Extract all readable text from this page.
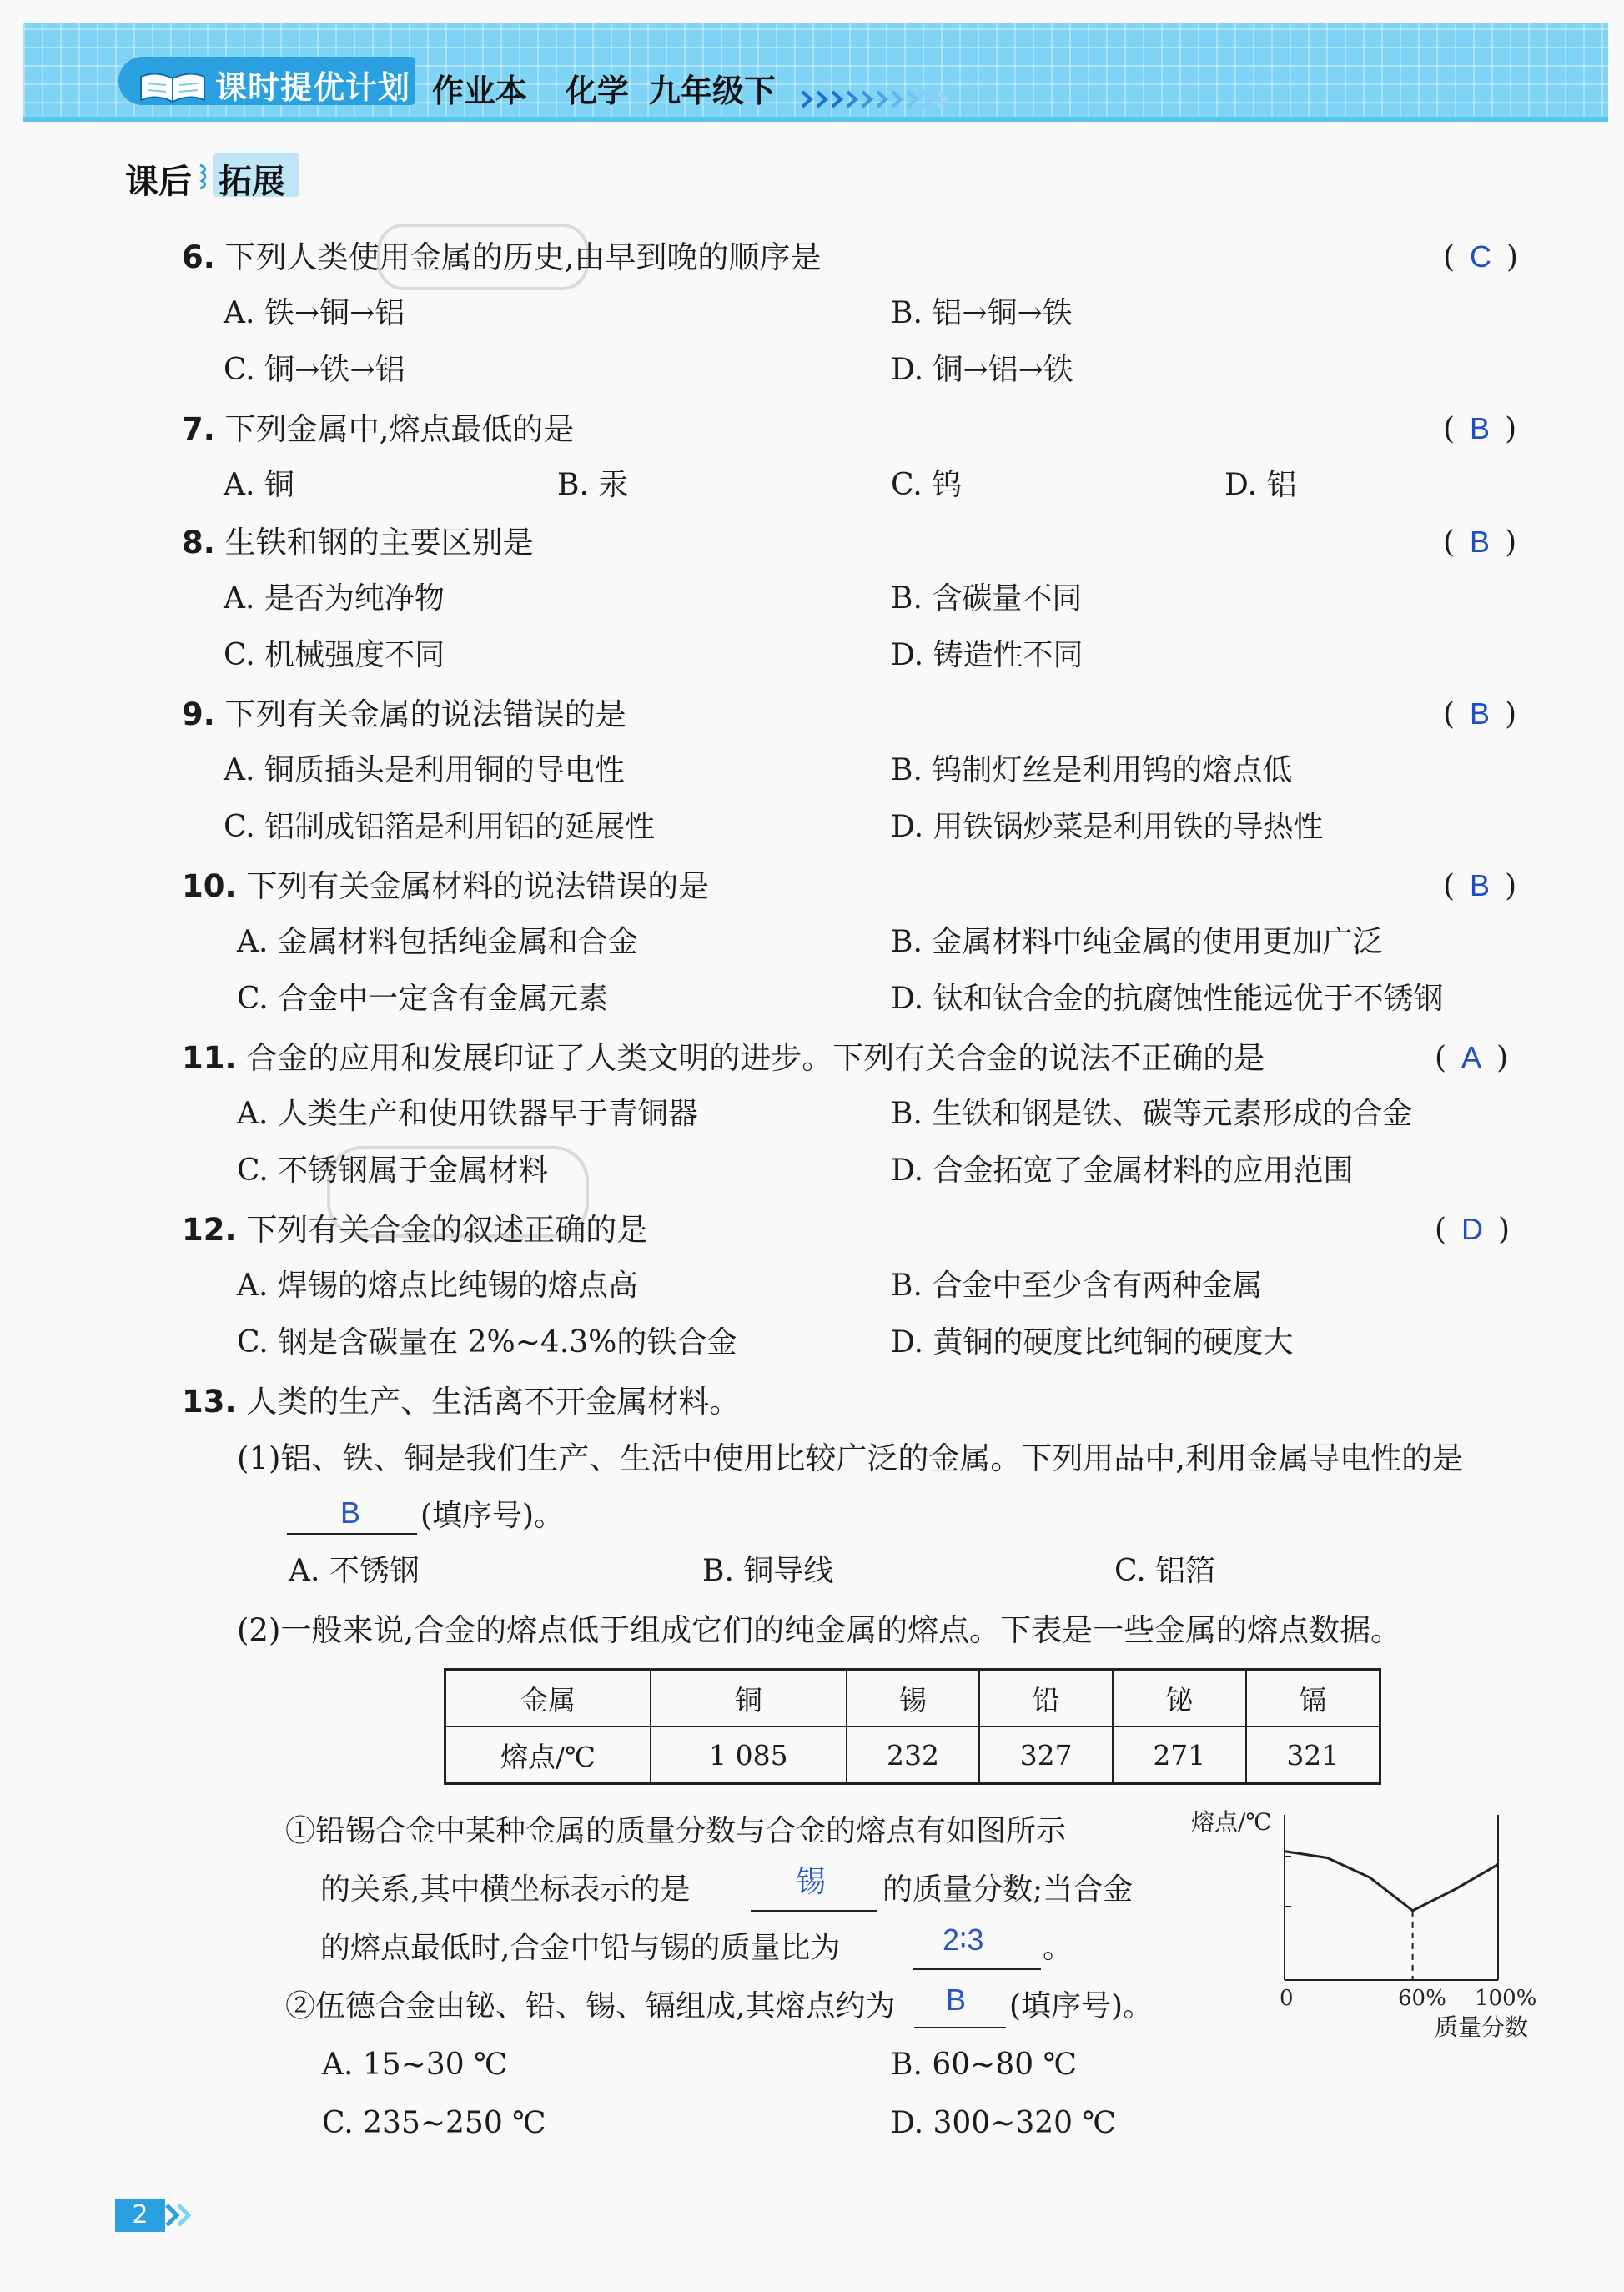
课时提优计划 作业本 化学 九年级下
课后 拓展
6. 下列人类使用金属的历史,由早到晚的顺序是	( C )
A. 铁→铜→铝	B. 铝→铜→铁
C. 铜→铁→铝	D. 铜→铝→铁
7. 下列金属中,熔点最低的是	( B )
A. 铜	B. 汞	C. 钨	D. 铝
8. 生铁和钢的主要区别是	( B )
A. 是否为纯净物	B. 含碳量不同
C. 机械强度不同	D. 铸造性不同
9. 下列有关金属的说法错误的是	( B )
A. 铜质插头是利用铜的导电性	B. 钨制灯丝是利用钨的熔点低
C. 铝制成铝箔是利用铝的延展性	D. 用铁锅炒菜是利用铁的导热性
10. 下列有关金属材料的说法错误的是	( B )
A. 金属材料包括纯金属和合金	B. 金属材料中纯金属的使用更加广泛
C. 合金中一定含有金属元素	D. 钛和钛合金的抗腐蚀性能远优于不锈钢
11. 合金的应用和发展印证了人类文明的进步。下列有关合金的说法不正确的是	( A )
A. 人类生产和使用铁器早于青铜器	B. 生铁和钢是铁、碳等元素形成的合金
C. 不锈钢属于金属材料	D. 合金拓宽了金属材料的应用范围
12. 下列有关合金的叙述正确的是	( D )
A. 焊锡的熔点比纯锡的熔点高	B. 合金中至少含有两种金属
C. 钢是含碳量在 2%~4.3%的铁合金	D. 黄铜的硬度比纯铜的硬度大
13. 人类的生产、生活离不开金属材料。
(1)铝、铁、铜是我们生产、生活中使用比较广泛的金属。下列用品中,利用金属导电性的是
B (填序号)。
A. 不锈钢	B. 铜导线	C. 铝箔
(2)一般来说,合金的熔点低于组成它们的纯金属的熔点。下表是一些金属的熔点数据。
金属	铜	锡	铅	铋	镉
熔点/℃	1 085	232	327	271	321
①铅锡合金中某种金属的质量分数与合金的熔点有如图所示
的关系,其中横坐标表示的是	锡 的质量分数;当合金
的熔点最低时,合金中铅与锡的质量比为	2∶3 。
②伍德合金由铋、铅、锡、镉组成,其熔点约为 B (填序号)。
A. 15~30 ℃	B. 60~80 ℃
C. 235~250 ℃	D. 300~320 ℃
熔点/℃
0	60% 100%
质量分数
2
